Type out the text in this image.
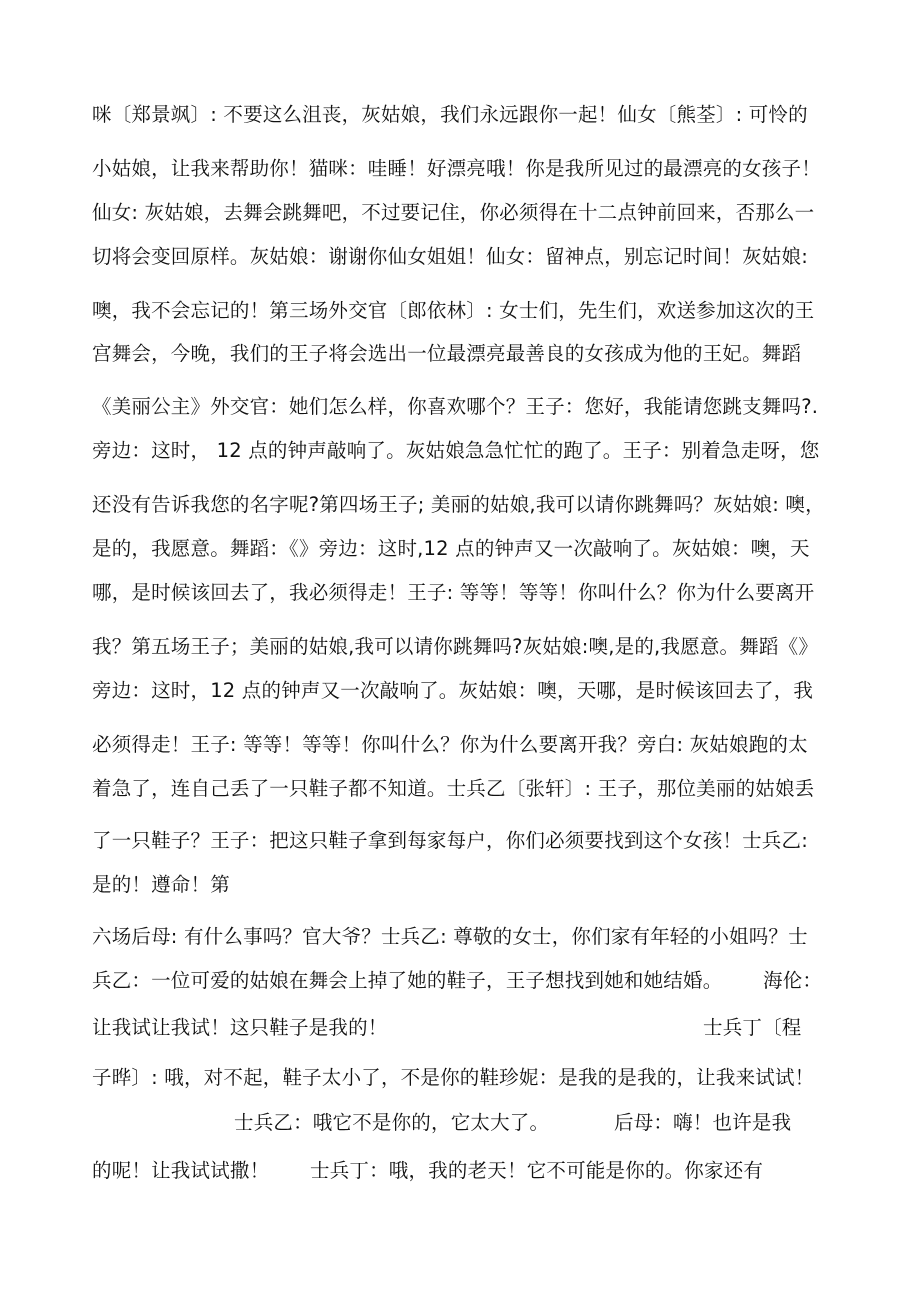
咪〔郑景飒〕: 不要这么沮丧，灰姑娘，我们永远跟你一起！仙女〔熊荃〕: 可怜的
小姑娘，让我来帮助你！猫咪：哇睡！好漂亮哦！你是我所见过的最漂亮的女孩子！
仙女: 灰姑娘，去舞会跳舞吧，不过要记住，你必须得在十二点钟前回来，否那么一
切将会变回原样。灰姑娘：谢谢你仙女姐姐！仙女：留神点，别忘记时间！灰姑娘:
噢，我不会忘记的！第三场外交官〔郎依林〕: 女士们，先生们，欢送参加这次的王
宫舞会，今晚，我们的王子将会选出一位最漂亮最善良的女孩成为他的王妃。舞蹈
《美丽公主》外交官：她们怎么样，你喜欢哪个？王子：您好，我能请您跳支舞吗?.
旁边：这时， 12 点的钟声敲响了。灰姑娘急急忙忙的跑了。王子：别着急走呀，您
还没有告诉我您的名字呢?第四场王子; 美丽的姑娘,我可以请你跳舞吗？灰姑娘: 噢，
是的，我愿意。舞蹈：《》旁边：这时,12 点的钟声又一次敲响了。灰姑娘：噢，天
哪，是时候该回去了，我必须得走！王子: 等等！等等！你叫什么？你为什么要离开
我？第五场王子；美丽的姑娘,我可以请你跳舞吗?灰姑娘:噢,是的,我愿意。舞蹈《》
旁边：这时，12 点的钟声又一次敲响了。灰姑娘：噢，天哪，是时候该回去了，我
必须得走！王子: 等等！等等！你叫什么？你为什么要离开我？旁白: 灰姑娘跑的太
着急了，连自己丢了一只鞋子都不知道。士兵乙〔张轩〕: 王子，那位美丽的姑娘丢
了一只鞋子？王子：把这只鞋子拿到每家每户，你们必须要找到这个女孩！士兵乙:
是的！遵命！第
六场后母: 有什么事吗？官大爷？士兵乙: 尊敬的女士，你们家有年轻的小姐吗？士
兵乙：一位可爱的姑娘在舞会上掉了她的鞋子，王子想找到她和她结婚。 海伦：
让我试让我试！这只鞋子是我的！	士兵丁〔程
子晔〕: 哦，对不起，鞋子太小了，不是你的鞋珍妮：是我的是我的，让我来试试！
士兵乙：哦它不是你的，它太大了。	后母：嗨！也许是我
的呢！让我试试撒！ 士兵丁：哦，我的老天！它不可能是你的。你家还有
